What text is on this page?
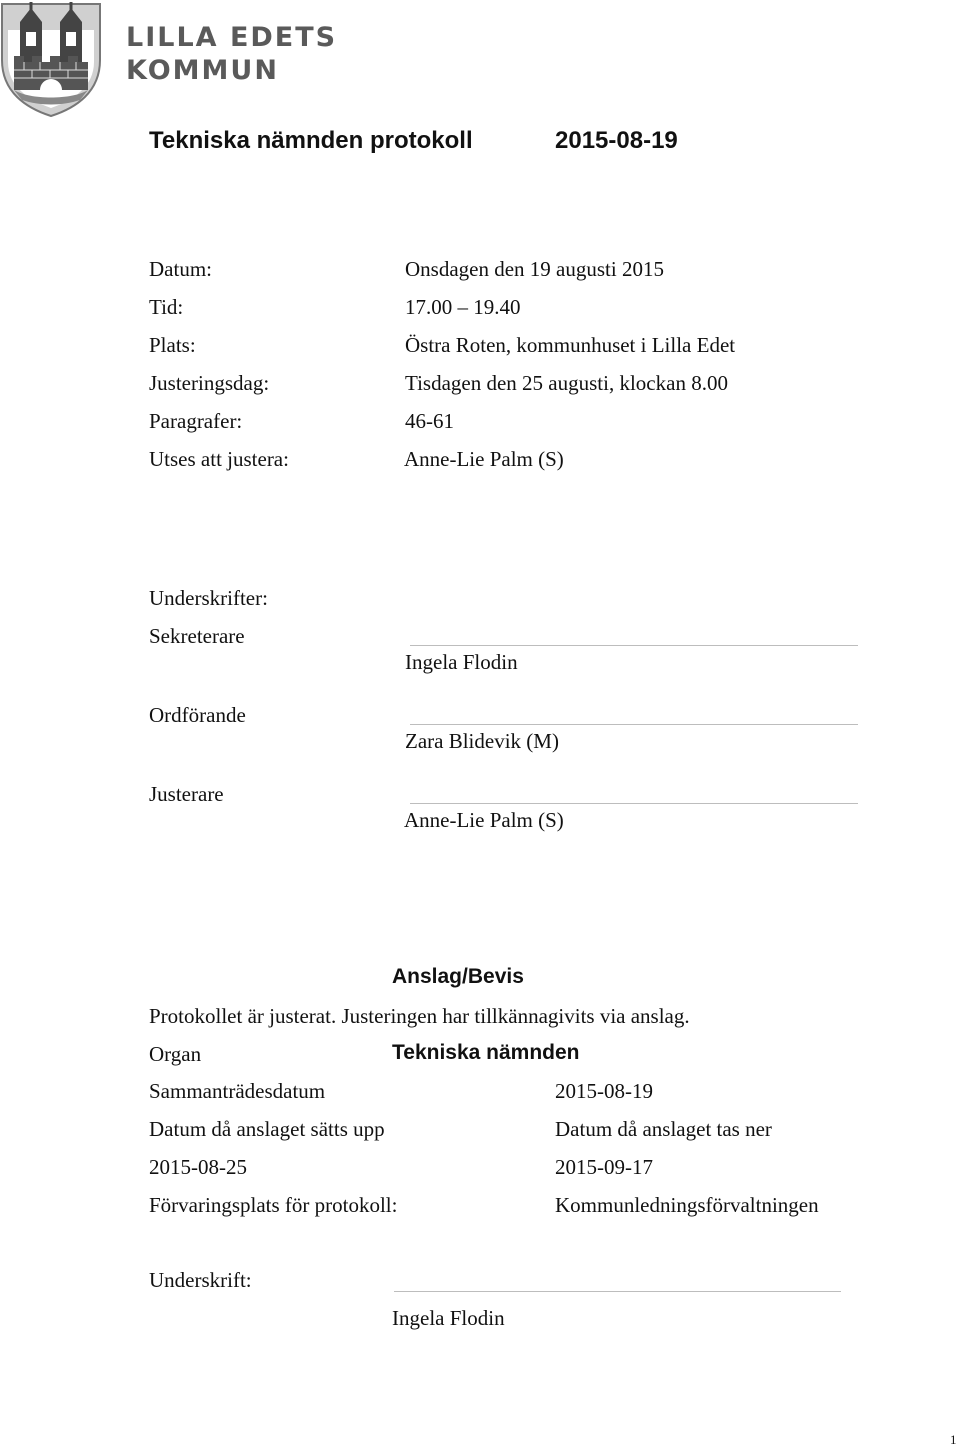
LILLA EDETS
KOMMUN
Tekniska nämnden protokoll	2015-08-19
Datum:	Onsdagen den 19 augusti 2015
Tid:	17.00 – 19.40
Plats:	Östra Roten, kommunhuset i Lilla Edet
Justeringsdag:	Tisdagen den 25 augusti, klockan 8.00
Paragrafer:	46-61
Utses att justera:	Anne-Lie Palm (S)
Underskrifter:
Sekreterare
Ingela Flodin
Ordförande
Zara Blidevik (M)
Justerare
Anne-Lie Palm (S)
Anslag/Bevis
Protokollet är justerat. Justeringen har tillkännagivits via anslag.
Organ	Tekniska nämnden
Sammanträdesdatum	2015-08-19
Datum då anslaget sätts upp	Datum då anslaget tas ner
2015-08-25	2015-09-17
Förvaringsplats för protokoll:	Kommunledningsförvaltningen
Underskrift:
Ingela Flodin
1
